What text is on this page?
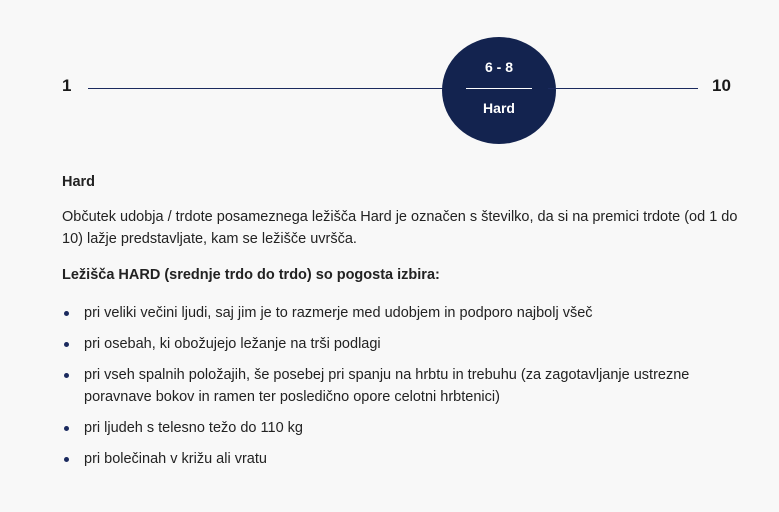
1
6 - 8
Hard
10

Hard

Občutek udobja / trdote posameznega ležišča Hard je označen s številko, da si na premici trdote (od 1 do 10) lažje predstavljate, kam se ležišče uvršča.

Ležišča HARD (srednje trdo do trdo) so pogosta izbira:

pri veliki večini ljudi, saj jim je to razmerje med udobjem in podporo najbolj všeč
pri osebah, ki obožujejo ležanje na trši podlagi
pri vseh spalnih položajih, še posebej pri spanju na hrbtu in trebuhu (za zagotavljanje ustrezne poravnave bokov in ramen ter posledično opore celotni hrbtenici)
pri ljudeh s telesno težo do 110 kg
pri bolečinah v križu ali vratu
